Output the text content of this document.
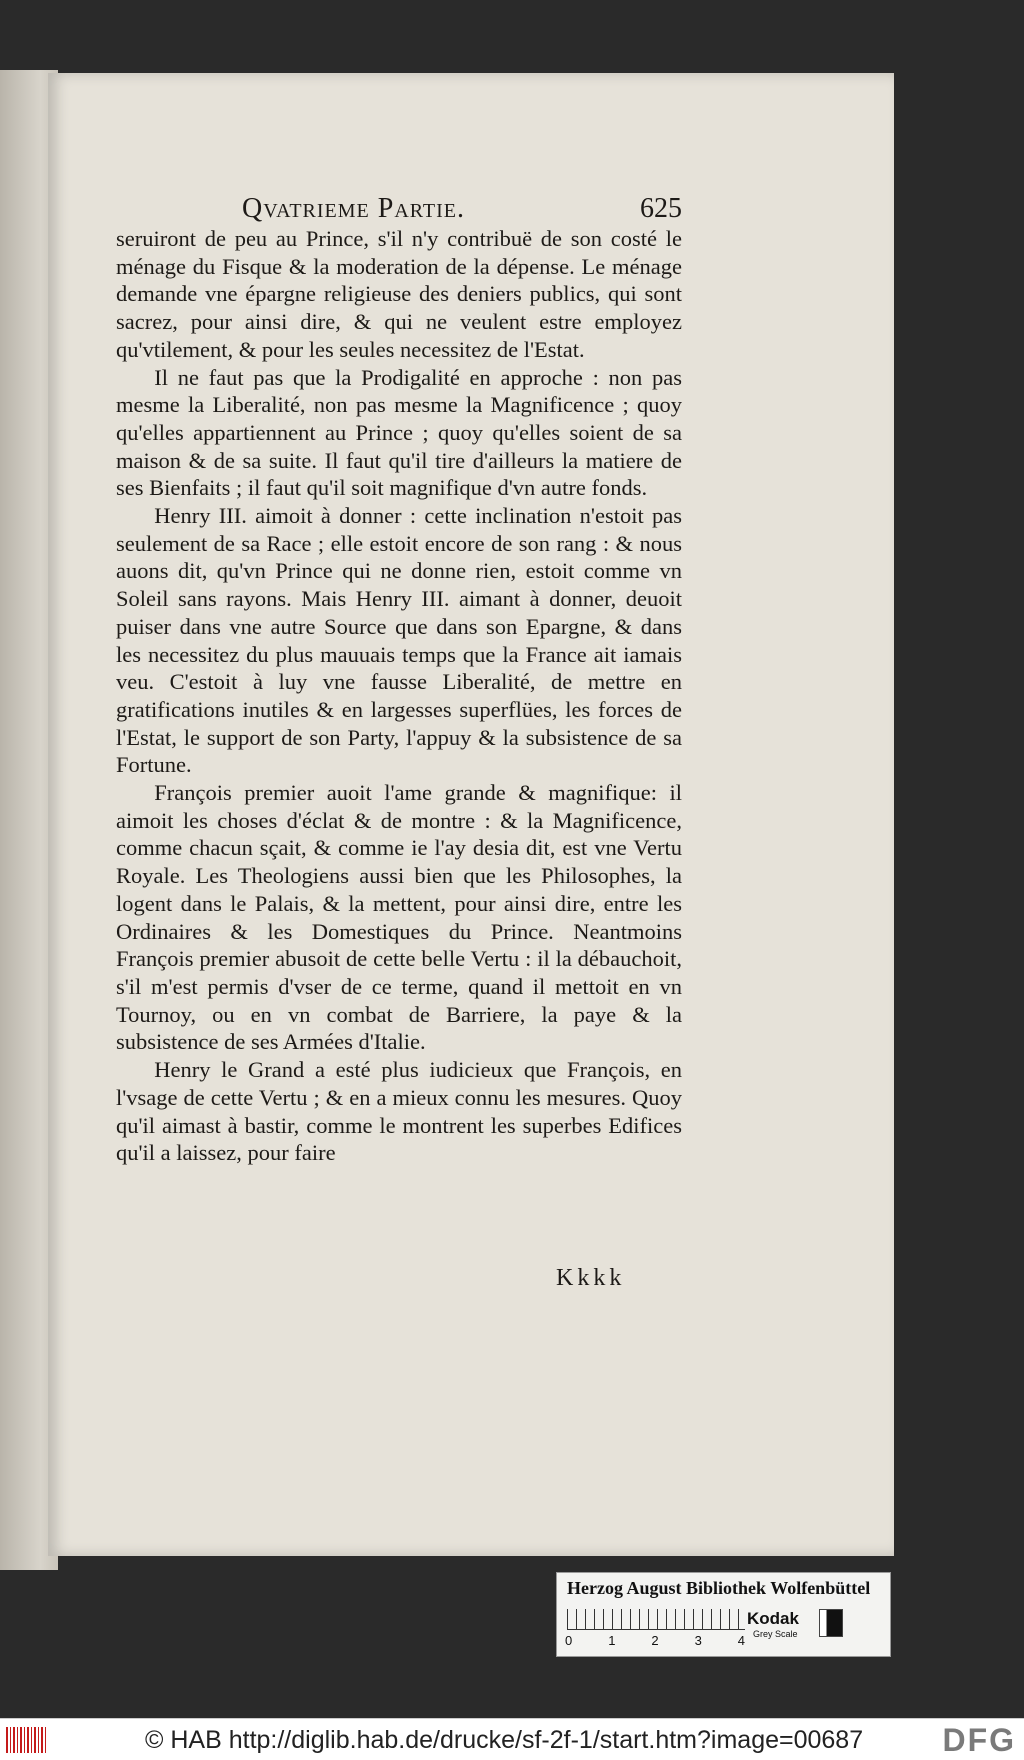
Qvatrieme Partie.	625

seruiront de peu au Prince, s'il n'y contribuë de son costé le ménage du Fisque & la moderation de la dépense. Le ménage demande vne épargne religieuse des deniers publics, qui sont sacrez, pour ainsi dire, & qui ne veulent estre employez qu'vtilement, & pour les seules necessitez de l'Estat.

Il ne faut pas que la Prodigalité en approche : non pas mesme la Liberalité, non pas mesme la Magnificence ; quoy qu'elles appartiennent au Prince ; quoy qu'elles soient de sa maison & de sa suite. Il faut qu'il tire d'ailleurs la matiere de ses Bienfaits ; il faut qu'il soit magnifique d'vn autre fonds.

Henry III. aimoit à donner : cette inclination n'estoit pas seulement de sa Race ; elle estoit encore de son rang : & nous auons dit, qu'vn Prince qui ne donne rien, estoit comme vn Soleil sans rayons. Mais Henry III. aimant à donner, deuoit puiser dans vne autre Source que dans son Epargne, & dans les necessitez du plus mauuais temps que la France ait iamais veu. C'estoit à luy vne fausse Liberalité, de mettre en gratifications inutiles & en largesses superflües, les forces de l'Estat, le support de son Party, l'appuy & la subsistence de sa Fortune.

François premier auoit l'ame grande & magnifique: il aimoit les choses d'éclat & de montre : & la Magnificence, comme chacun sçait, & comme ie l'ay desia dit, est vne Vertu Royale. Les Theologiens aussi bien que les Philosophes, la logent dans le Palais, & la mettent, pour ainsi dire, entre les Ordinaires & les Domestiques du Prince. Neantmoins François premier abusoit de cette belle Vertu : il la débauchoit, s'il m'est permis d'vser de ce terme, quand il mettoit en vn Tournoy, ou en vn combat de Barriere, la paye & la subsistence de ses Armées d'Italie.

Henry le Grand a esté plus iudicieux que François, en l'vsage de cette Vertu ; & en a mieux connu les mesures. Quoy qu'il aimast à bastir, comme le montrent les superbes Edifices qu'il a laissez, pour faire

Kkkk
Herzog August Bibliothek Wolfenbüttel
0	1	2	3	4
Kodak
Grey Scale
© HAB http://diglib.hab.de/drucke/sf-2f-1/start.htm?image=00687 DFG
